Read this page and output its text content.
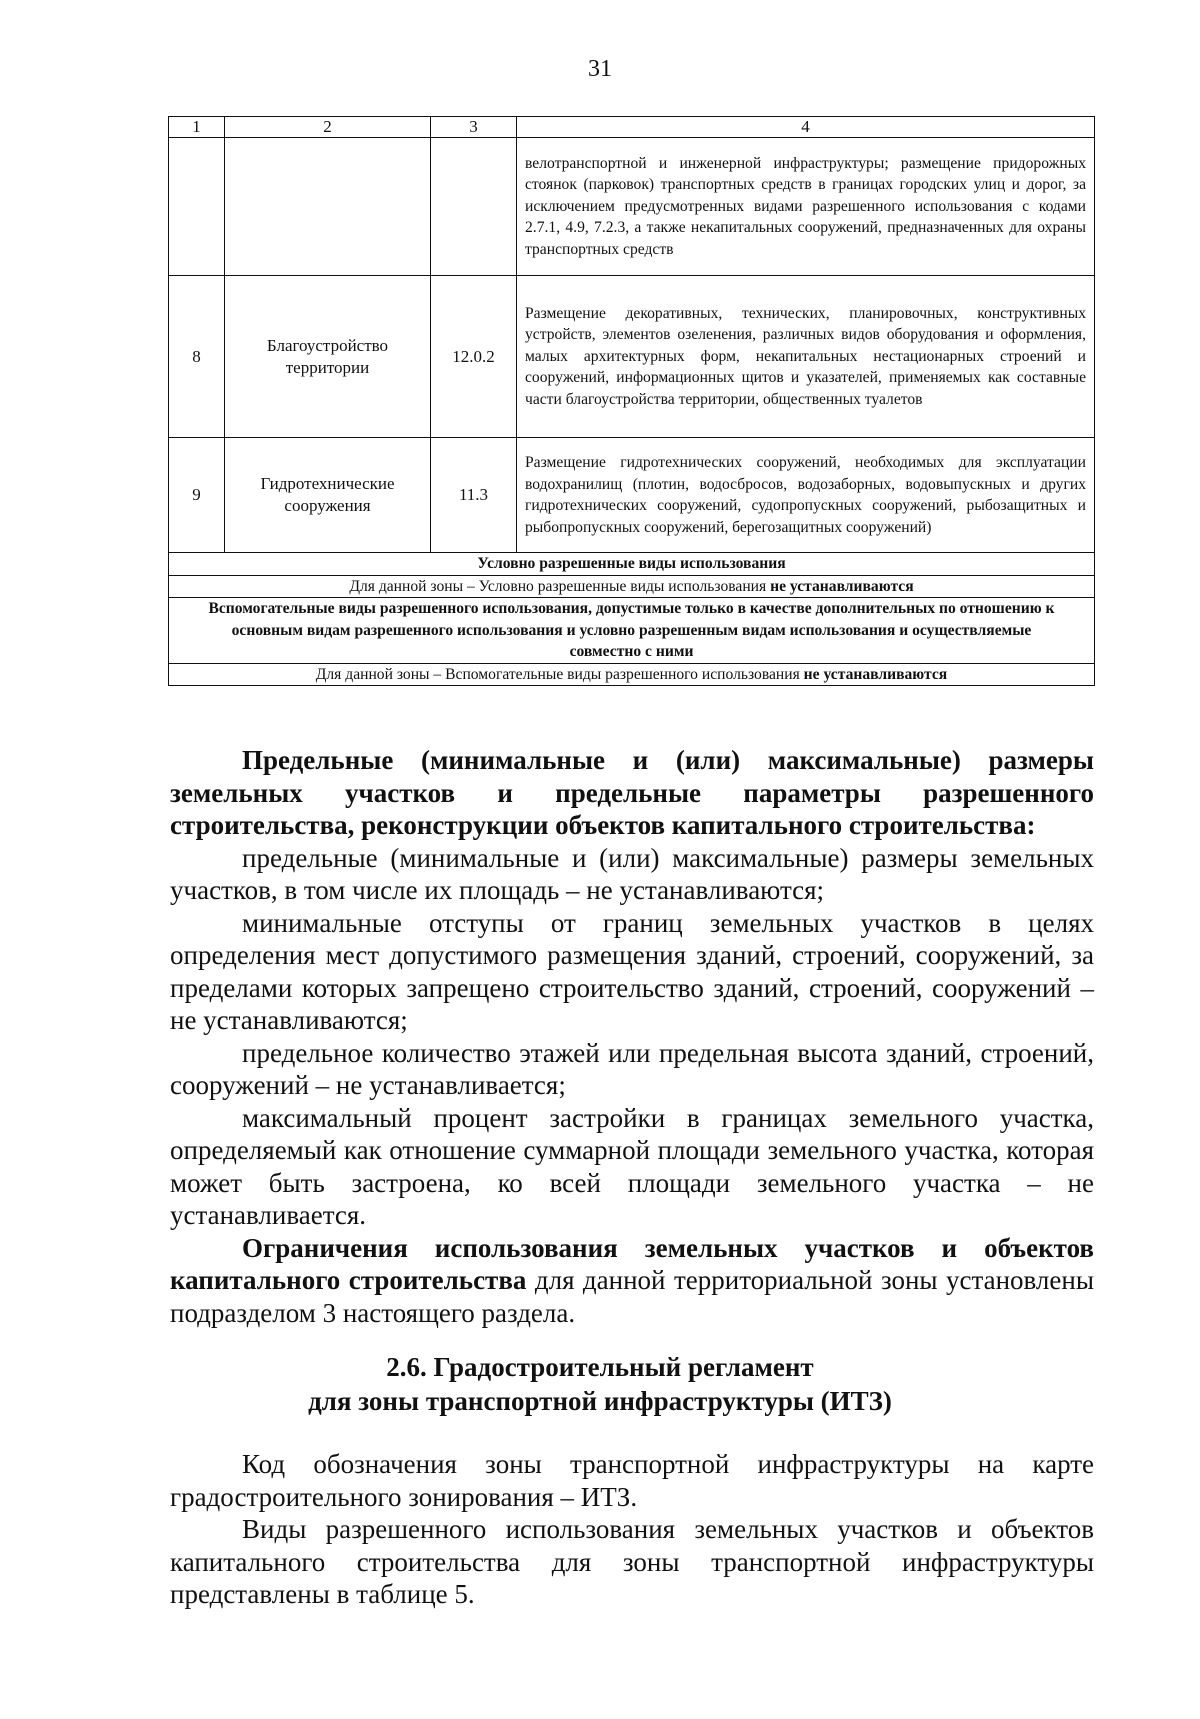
31
1	2	3	4
			велотранспортной и инженерной инфраструктуры; размещение придорожных стоянок (парковок) транспортных средств в границах городских улиц и дорог, за исключением предусмотренных видами разрешенного использования с кодами 2.7.1, 4.9, 7.2.3, а также некапитальных сооружений, предназначенных для охраны транспортных средств
8	Благоустройство территории	12.0.2	Размещение декоративных, технических, планировочных, конструктивных устройств, элементов озеленения, различных видов оборудования и оформления, малых архитектурных форм, некапитальных нестационарных строений и сооружений, информационных щитов и указателей, применяемых как составные части благоустройства территории, общественных туалетов
9	Гидротехнические сооружения	11.3	Размещение гидротехнических сооружений, необходимых для эксплуатации водохранилищ (плотин, водосбросов, водозаборных, водовыпускных и других гидротехнических сооружений, судопропускных сооружений, рыбозащитных и рыбопропускных сооружений, берегозащитных сооружений)
Условно разрешенные виды использования			
Для данной зоны – Условно разрешенные виды использования не устанавливаются			
Вспомогательные виды разрешенного использования, допустимые только в качестве дополнительных по отношению к основным видам разрешенного использования и условно разрешенным видам использования и осуществляемые совместно с ними			
Для данной зоны – Вспомогательные виды разрешенного использования не устанавливаются			

Предельные (минимальные и (или) максимальные) размеры земельных участков и предельные параметры разрешенного строительства, реконструкции объектов капитального строительства:

предельные (минимальные и (или) максимальные) размеры земельных участков, в том числе их площадь – не устанавливаются;

минимальные отступы от границ земельных участков в целях определения мест допустимого размещения зданий, строений, сооружений, за пределами которых запрещено строительство зданий, строений, сооружений – не устанавливаются;

предельное количество этажей или предельная высота зданий, строений, сооружений – не устанавливается;

максимальный процент застройки в границах земельного участка, определяемый как отношение суммарной площади земельного участка, которая может быть застроена, ко всей площади земельного участка – не устанавливается.

Ограничения использования земельных участков и объектов капитального строительства для данной территориальной зоны установлены подразделом 3 настоящего раздела.

2.6. Градостроительный регламент
для зоны транспортной инфраструктуры (ИТЗ)

Код обозначения зоны транспортной инфраструктуры на карте градостроительного зонирования – ИТЗ.

Виды разрешенного использования земельных участков и объектов капитального строительства для зоны транспортной инфраструктуры представлены в таблице 5.
